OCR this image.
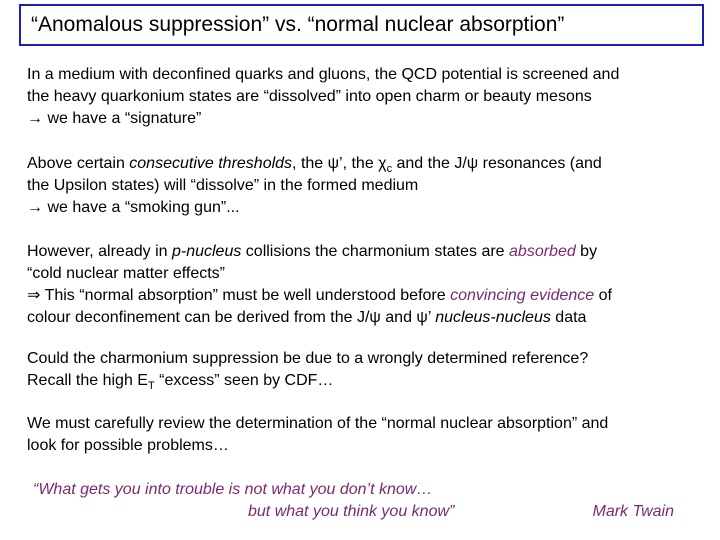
“Anomalous suppression” vs. “normal nuclear absorption”
In a medium with deconfined quarks and gluons, the QCD potential is screened and
the heavy quarkonium states are “dissolved” into open charm or beauty mesons
→ we have a “signature”
Above certain consecutive thresholds, the ψ’, the $\chi_c$ and the J/ψ resonances (and
the Upsilon states) will “dissolve” in the formed medium
→ we have a “smoking gun”...
However, already in p-nucleus collisions the charmonium states are absorbed by
“cold nuclear matter effects”
⇒ This “normal absorption” must be well understood before convincing evidence of
colour deconfinement can be derived from the J/ψ and ψ’ nucleus-nucleus data
Could the charmonium suppression be due to a wrongly determined reference?
Recall the high $E_T$ “excess” seen by CDF…
We must carefully review the determination of the “normal nuclear absorption” and
look for possible problems…
“What gets you into trouble is not what you don’t know…
but what you think you know”	Mark Twain
